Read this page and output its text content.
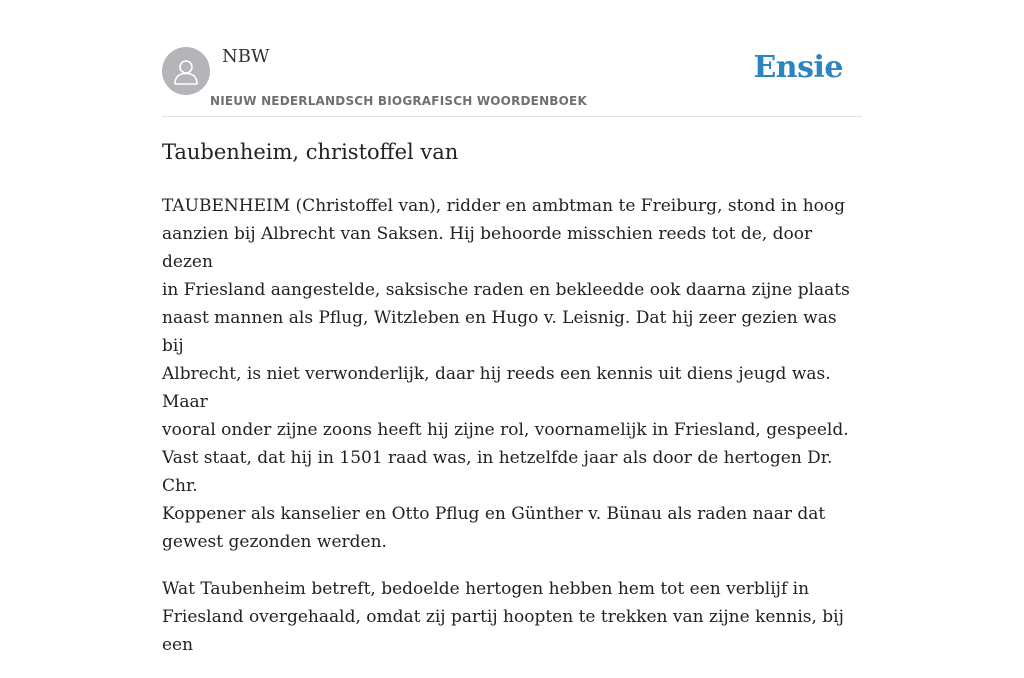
NBW
NIEUW NEDERLANDSCH BIOGRAFISCH WOORDENBOEK
Ensie
Taubenheim, christoffel van

TAUBENHEIM (Christoffel van), ridder en ambtman te Freiburg, stond in hoog
aanzien bij Albrecht van Saksen. Hij behoorde misschien reeds tot de, door dezen
in Friesland aangestelde, saksische raden en bekleedde ook daarna zijne plaats
naast mannen als Pflug, Witzleben en Hugo v. Leisnig. Dat hij zeer gezien was bij
Albrecht, is niet verwonderlijk, daar hij reeds een kennis uit diens jeugd was. Maar
vooral onder zijne zoons heeft hij zijne rol, voornamelijk in Friesland, gespeeld.
Vast staat, dat hij in 1501 raad was, in hetzelfde jaar als door de hertogen Dr. Chr.
Koppener als kanselier en Otto Pflug en Günther v. Bünau als raden naar dat
gewest gezonden werden.

Wat Taubenheim betreft, bedoelde hertogen hebben hem tot een verblijf in
Friesland overgehaald, omdat zij partij hoopten te trekken van zijne kennis, bij een
